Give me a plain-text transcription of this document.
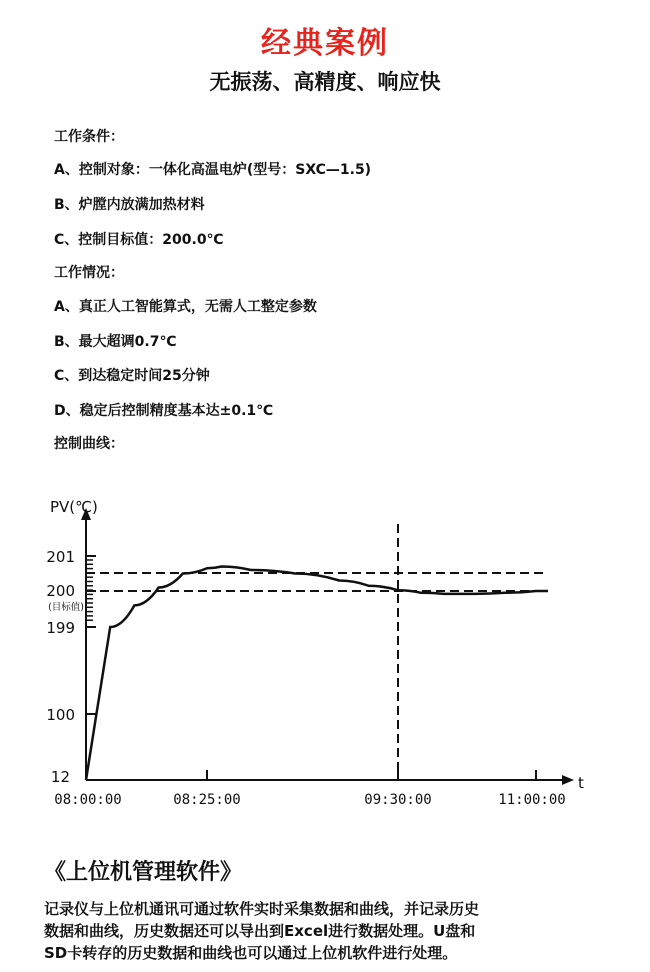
经典案例
无振荡、高精度、响应快
工作条件：
A、控制对象：一体化高温电炉(型号：SXC—1.5)
B、炉膛内放满加热材料
C、控制目标值：200.0℃
工作情况：
A、真正人工智能算式，无需人工整定参数
B、最大超调0.7℃
C、到达稳定时间25分钟
D、稳定后控制精度基本达±0.1℃
控制曲线：
PV(℃)
t
201
200
(目标值)
199
100
12
08:00:00	08:25:00	09:30:00	11:00:00
《上位机管理软件》
记录仪与上位机通讯可通过软件实时采集数据和曲线，并记录历史
数据和曲线，历史数据还可以导出到Excel进行数据处理。U盘和
SD卡转存的历史数据和曲线也可以通过上位机软件进行处理。
